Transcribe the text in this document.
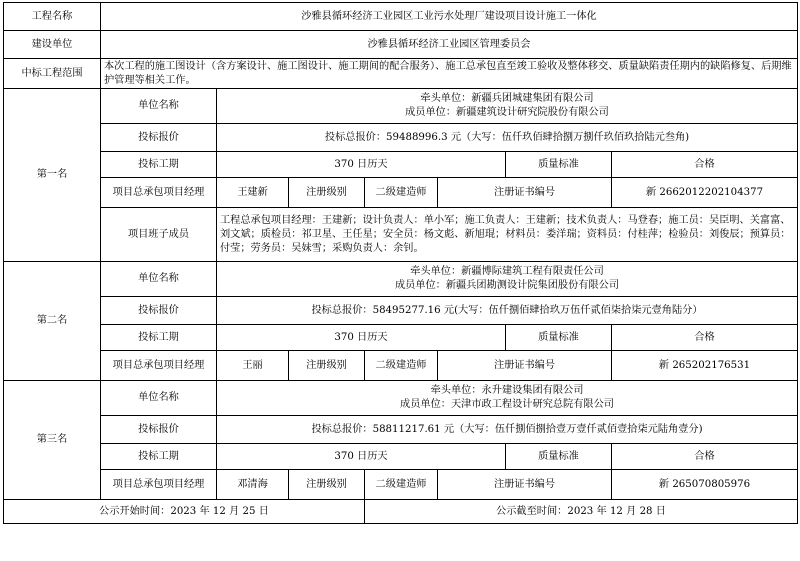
工程名称	沙雅县循环经济工业园区工业污水处理厂建设项目设计施工一体化						
建设单位	沙雅县循环经济工业园区管理委员会						
中标工程范围	本次工程的施工图设计（含方案设计、施工图设计、施工期间的配合服务）、施工总承包直至竣工验收及整体移交、质量缺陷责任期内的缺陷修复、后期维护管理等相关工作。						
第一名	单位名称	牵头单位：新疆兵团城建集团有限公司
成员单位：新疆建筑设计研究院股份有限公司					

	投标报价	投标总报价：59488996.3 元（大写：伍仟玖佰肆拾捌万捌仟玖佰玖拾陆元叁角)					
	投标工期	370 日历天				质量标准	合格
	项目总承包项目经理	王建新	注册级别	二级建造师	注册证书编号		新 2662012202104377
	项目班子成员	工程总承包项目经理：王建新；设计负责人：单小军；施工负责人：王建新；技术负责人：马登春；施工员：吴臣明、关富富、刘文斌；质检员：祁卫星、王任星；安全员：杨文彪、新旭琨；材料员：娄洋瑞；资料员：付桂萍；检验员：刘俊辰；预算员：付莹；劳务员：吴妹雪；采购负责人：余钊。					

第二名	单位名称	牵头单位：新疆博际建筑工程有限责任公司
成员单位：新疆兵团勘测设计院集团股份有限公司					

	投标报价	投标总报价：58495277.16 元(大写：伍仟捌佰肆拾玖万伍仟贰佰柒拾柒元壹角陆分）					
	投标工期	370 日历天				质量标准	合格
	项目总承包项目经理	王丽	注册级别	二级建造师	注册证书编号		新 265202176531
第三名	单位名称	牵头单位：永升建设集团有限公司
成员单位：天津市政工程设计研究总院有限公司					

	投标报价	投标总报价：58811217.61 元（大写：伍仟捌佰捌拾壹万壹仟贰佰壹拾柒元陆角壹分)					
	投标工期	370 日历天				质量标准	合格
	项目总承包项目经理	邓清海	注册级别	二级建造师	注册证书编号		新 265070805976
公示开始时间：2023 年 12 月 25 日				公示截至时间：2023 年 12 月 28 日			
